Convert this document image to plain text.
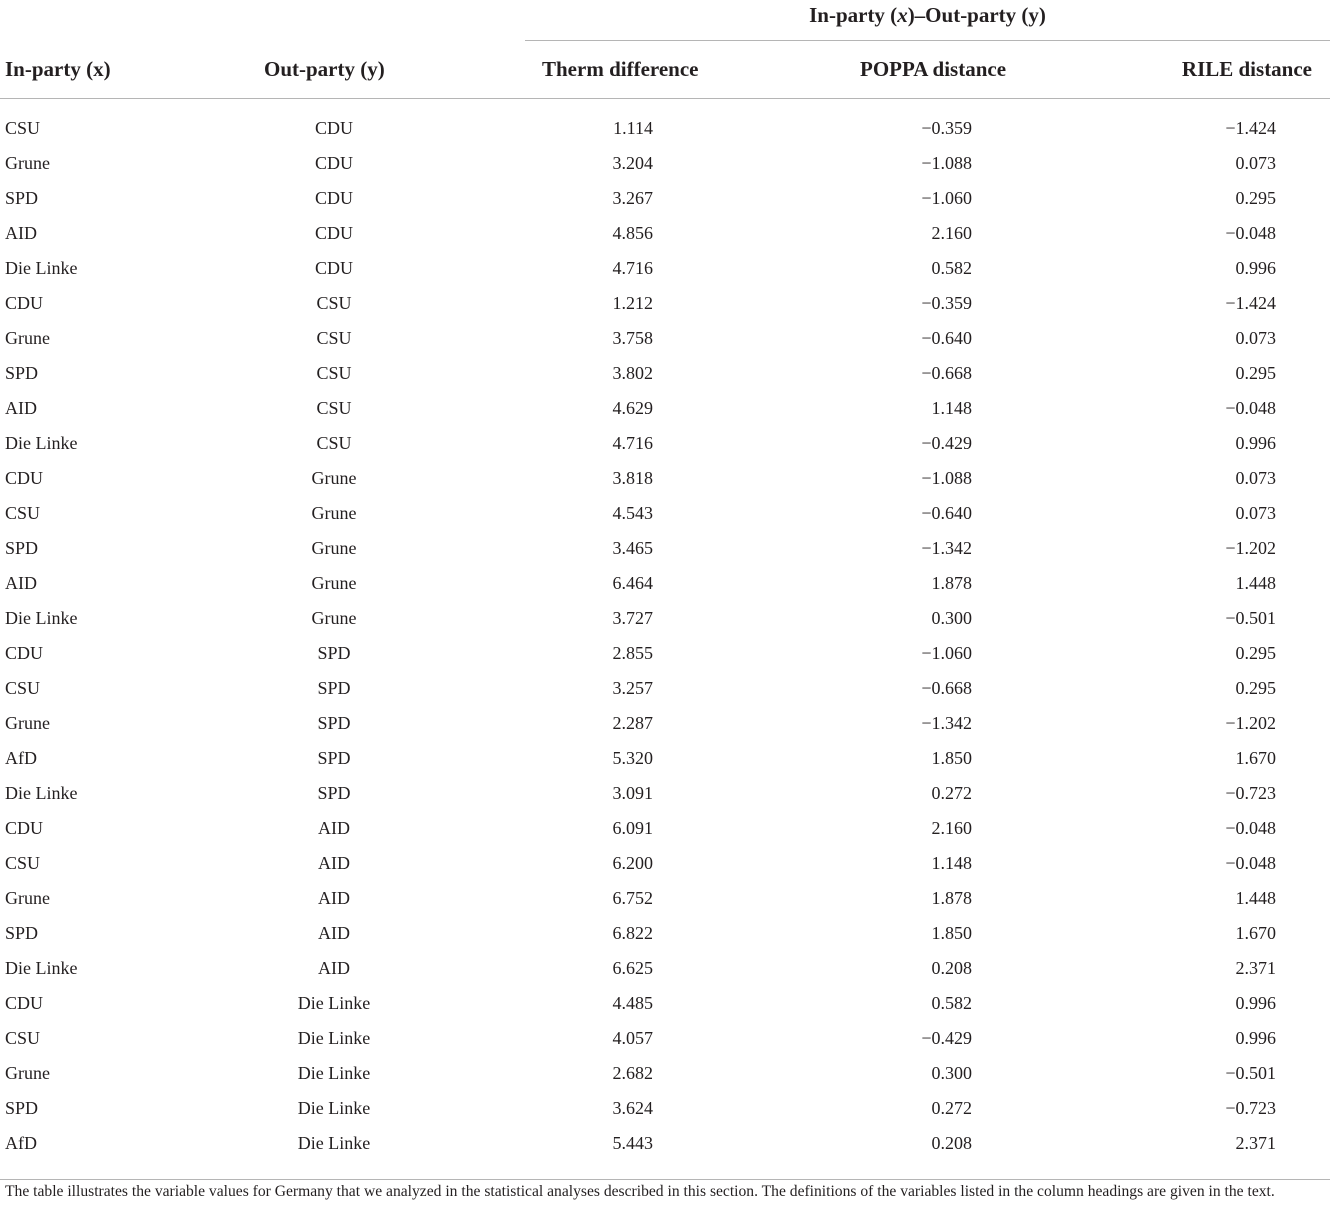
		In-party (x)–Out-party (y)		
In-party (x)	Out-party (y)	Therm difference	POPPA distance	RILE distance

CSU	CDU	1.114	−0.359	−1.424
Grune	CDU	3.204	−1.088	0.073
SPD	CDU	3.267	−1.060	0.295
AID	CDU	4.856	2.160	−0.048
Die Linke	CDU	4.716	0.582	0.996
CDU	CSU	1.212	−0.359	−1.424
Grune	CSU	3.758	−0.640	0.073
SPD	CSU	3.802	−0.668	0.295
AID	CSU	4.629	1.148	−0.048
Die Linke	CSU	4.716	−0.429	0.996
CDU	Grune	3.818	−1.088	0.073
CSU	Grune	4.543	−0.640	0.073
SPD	Grune	3.465	−1.342	−1.202
AID	Grune	6.464	1.878	1.448
Die Linke	Grune	3.727	0.300	−0.501
CDU	SPD	2.855	−1.060	0.295
CSU	SPD	3.257	−0.668	0.295
Grune	SPD	2.287	−1.342	−1.202
AfD	SPD	5.320	1.850	1.670
Die Linke	SPD	3.091	0.272	−0.723
CDU	AID	6.091	2.160	−0.048
CSU	AID	6.200	1.148	−0.048
Grune	AID	6.752	1.878	1.448
SPD	AID	6.822	1.850	1.670
Die Linke	AID	6.625	0.208	2.371
CDU	Die Linke	4.485	0.582	0.996
CSU	Die Linke	4.057	−0.429	0.996
Grune	Die Linke	2.682	0.300	−0.501
SPD	Die Linke	3.624	0.272	−0.723
AfD	Die Linke	5.443	0.208	2.371

The table illustrates the variable values for Germany that we analyzed in the statistical analyses described in this section. The definitions of the variables listed in the column headings are given in the text.
